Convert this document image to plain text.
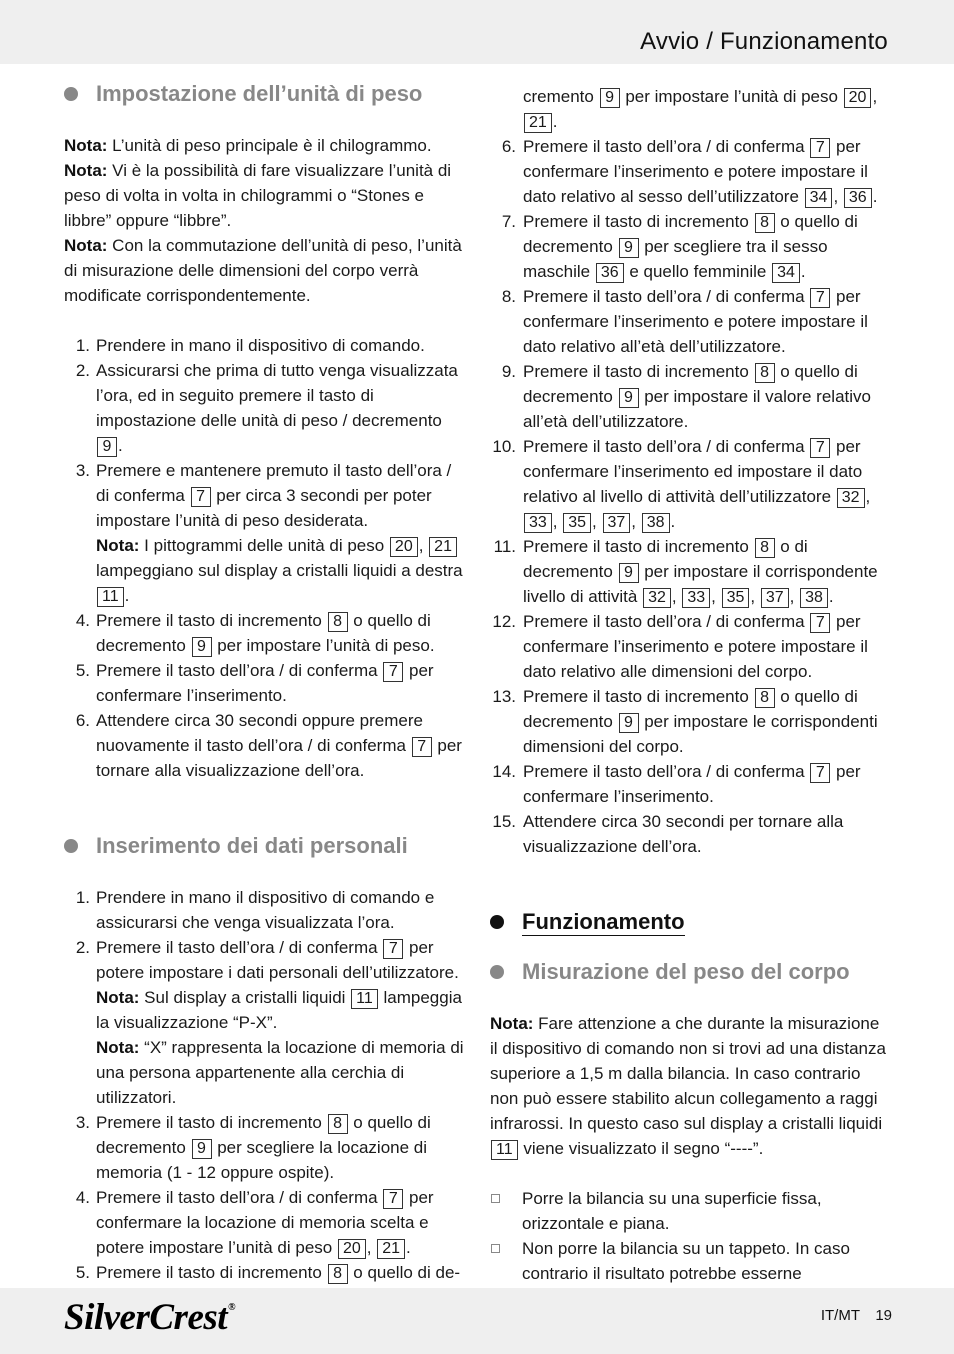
Avvio / Funzionamento
Impostazione dell’unità di peso

Nota: L’unità di peso principale è il chilogrammo.

Nota: Vi è la possibilità di fare visualizzare l’unità di peso di volta in volta in chilogrammi o “Stones e libbre” oppure “libbre”.

Nota: Con la commutazione dell’unità di peso, l’unità di misurazione delle dimensioni del corpo verrà modificate corrispondentemente.

1. Prendere in mano il dispositivo di comando.
2. Assicurarsi che prima di tutto venga visualizzata l’ora, ed in seguito premere il tasto di impostazione delle unità di peso / decremento 9 .
3. Premere e mantenere premuto il tasto dell’ora / di conferma 7 per circa 3 secondi per poter impostare l’unità di peso desiderata.
Nota: I pittogrammi delle unità di peso 20 , 21 lampeggiano sul display a cristalli liquidi a destra 11 .
4. Premere il tasto di incremento 8 o quello di decremento 9 per impostare l’unità di peso.
5. Premere il tasto dell’ora / di conferma 7 per confermare l’inserimento.
6. Attendere circa 30 secondi oppure premere nuovamente il tasto dell’ora / di conferma 7 per tornare alla visualizzazione dell’ora.
Inserimento dei dati personali
1. Prendere in mano il dispositivo di comando e assicurarsi che venga visualizzata l’ora.
2. Premere il tasto dell’ora / di conferma 7 per potere impostare i dati personali dell’utilizzatore.
Nota: Sul display a cristalli liquidi 11 lampeggia la visualizzazione “P-X”.
Nota: “X” rappresenta la locazione di memoria di una persona appartenente alla cerchia di utilizzatori.
3. Premere il tasto di incremento 8 o quello di decremento 9 per scegliere la locazione di memoria (1 - 12 oppure ospite).
4. Premere il tasto dell’ora / di conferma 7 per confermare la locazione di memoria scelta e potere impostare l’unità di peso 20 , 21 .
5. Premere il tasto di incremento 8 o quello di de-
cremento 9 per impostare l’unità di peso 20 , 21 .
6. Premere il tasto dell’ora / di conferma 7 per confermare l’inserimento e potere impostare il dato relativo al sesso dell’utilizzatore 34 , 36 .
7. Premere il tasto di incremento 8 o quello di decremento 9 per scegliere tra il sesso maschile 36 e quello femminile 34 .
8. Premere il tasto dell’ora / di conferma 7 per confermare l’inserimento e potere impostare il dato relativo all’età dell’utilizzatore.
9. Premere il tasto di incremento 8 o quello di decremento 9 per impostare il valore relativo all’età dell’utilizzatore.
10. Premere il tasto dell’ora / di conferma 7 per confermare l’inserimento ed impostare il dato relativo al livello di attività dell’utilizzatore 32 , 33 , 35 , 37 , 38 .
11. Premere il tasto di incremento 8 o di decremento 9 per impostare il corrispondente livello di attività 32 , 33 , 35 , 37 , 38 .
12. Premere il tasto dell’ora / di conferma 7 per confermare l’inserimento e potere impostare il dato relativo alle dimensioni del corpo.
13. Premere il tasto di incremento 8 o quello di decremento 9 per impostare le corrispondenti dimensioni del corpo.
14. Premere il tasto dell’ora / di conferma 7 per confermare l’inserimento.
15. Attendere circa 30 secondi per tornare alla visualizzazione dell’ora.
Funzionamento
Misurazione del peso del corpo

Nota: Fare attenzione a che durante la misurazione il dispositivo di comando non si trovi ad una distanza superiore a 1,5 m dalla bilancia. In caso contrario non può essere stabilito alcun collegamento a raggi infrarossi. In questo caso sul display a cristalli liquidi 11 viene visualizzato il segno “----”.

Porre la bilancia su una superficie fissa, orizzontale e piana.
Non porre la bilancia su un tappeto. In caso contrario il risultato potrebbe esserne
SilverCrest®	IT/MT 19
